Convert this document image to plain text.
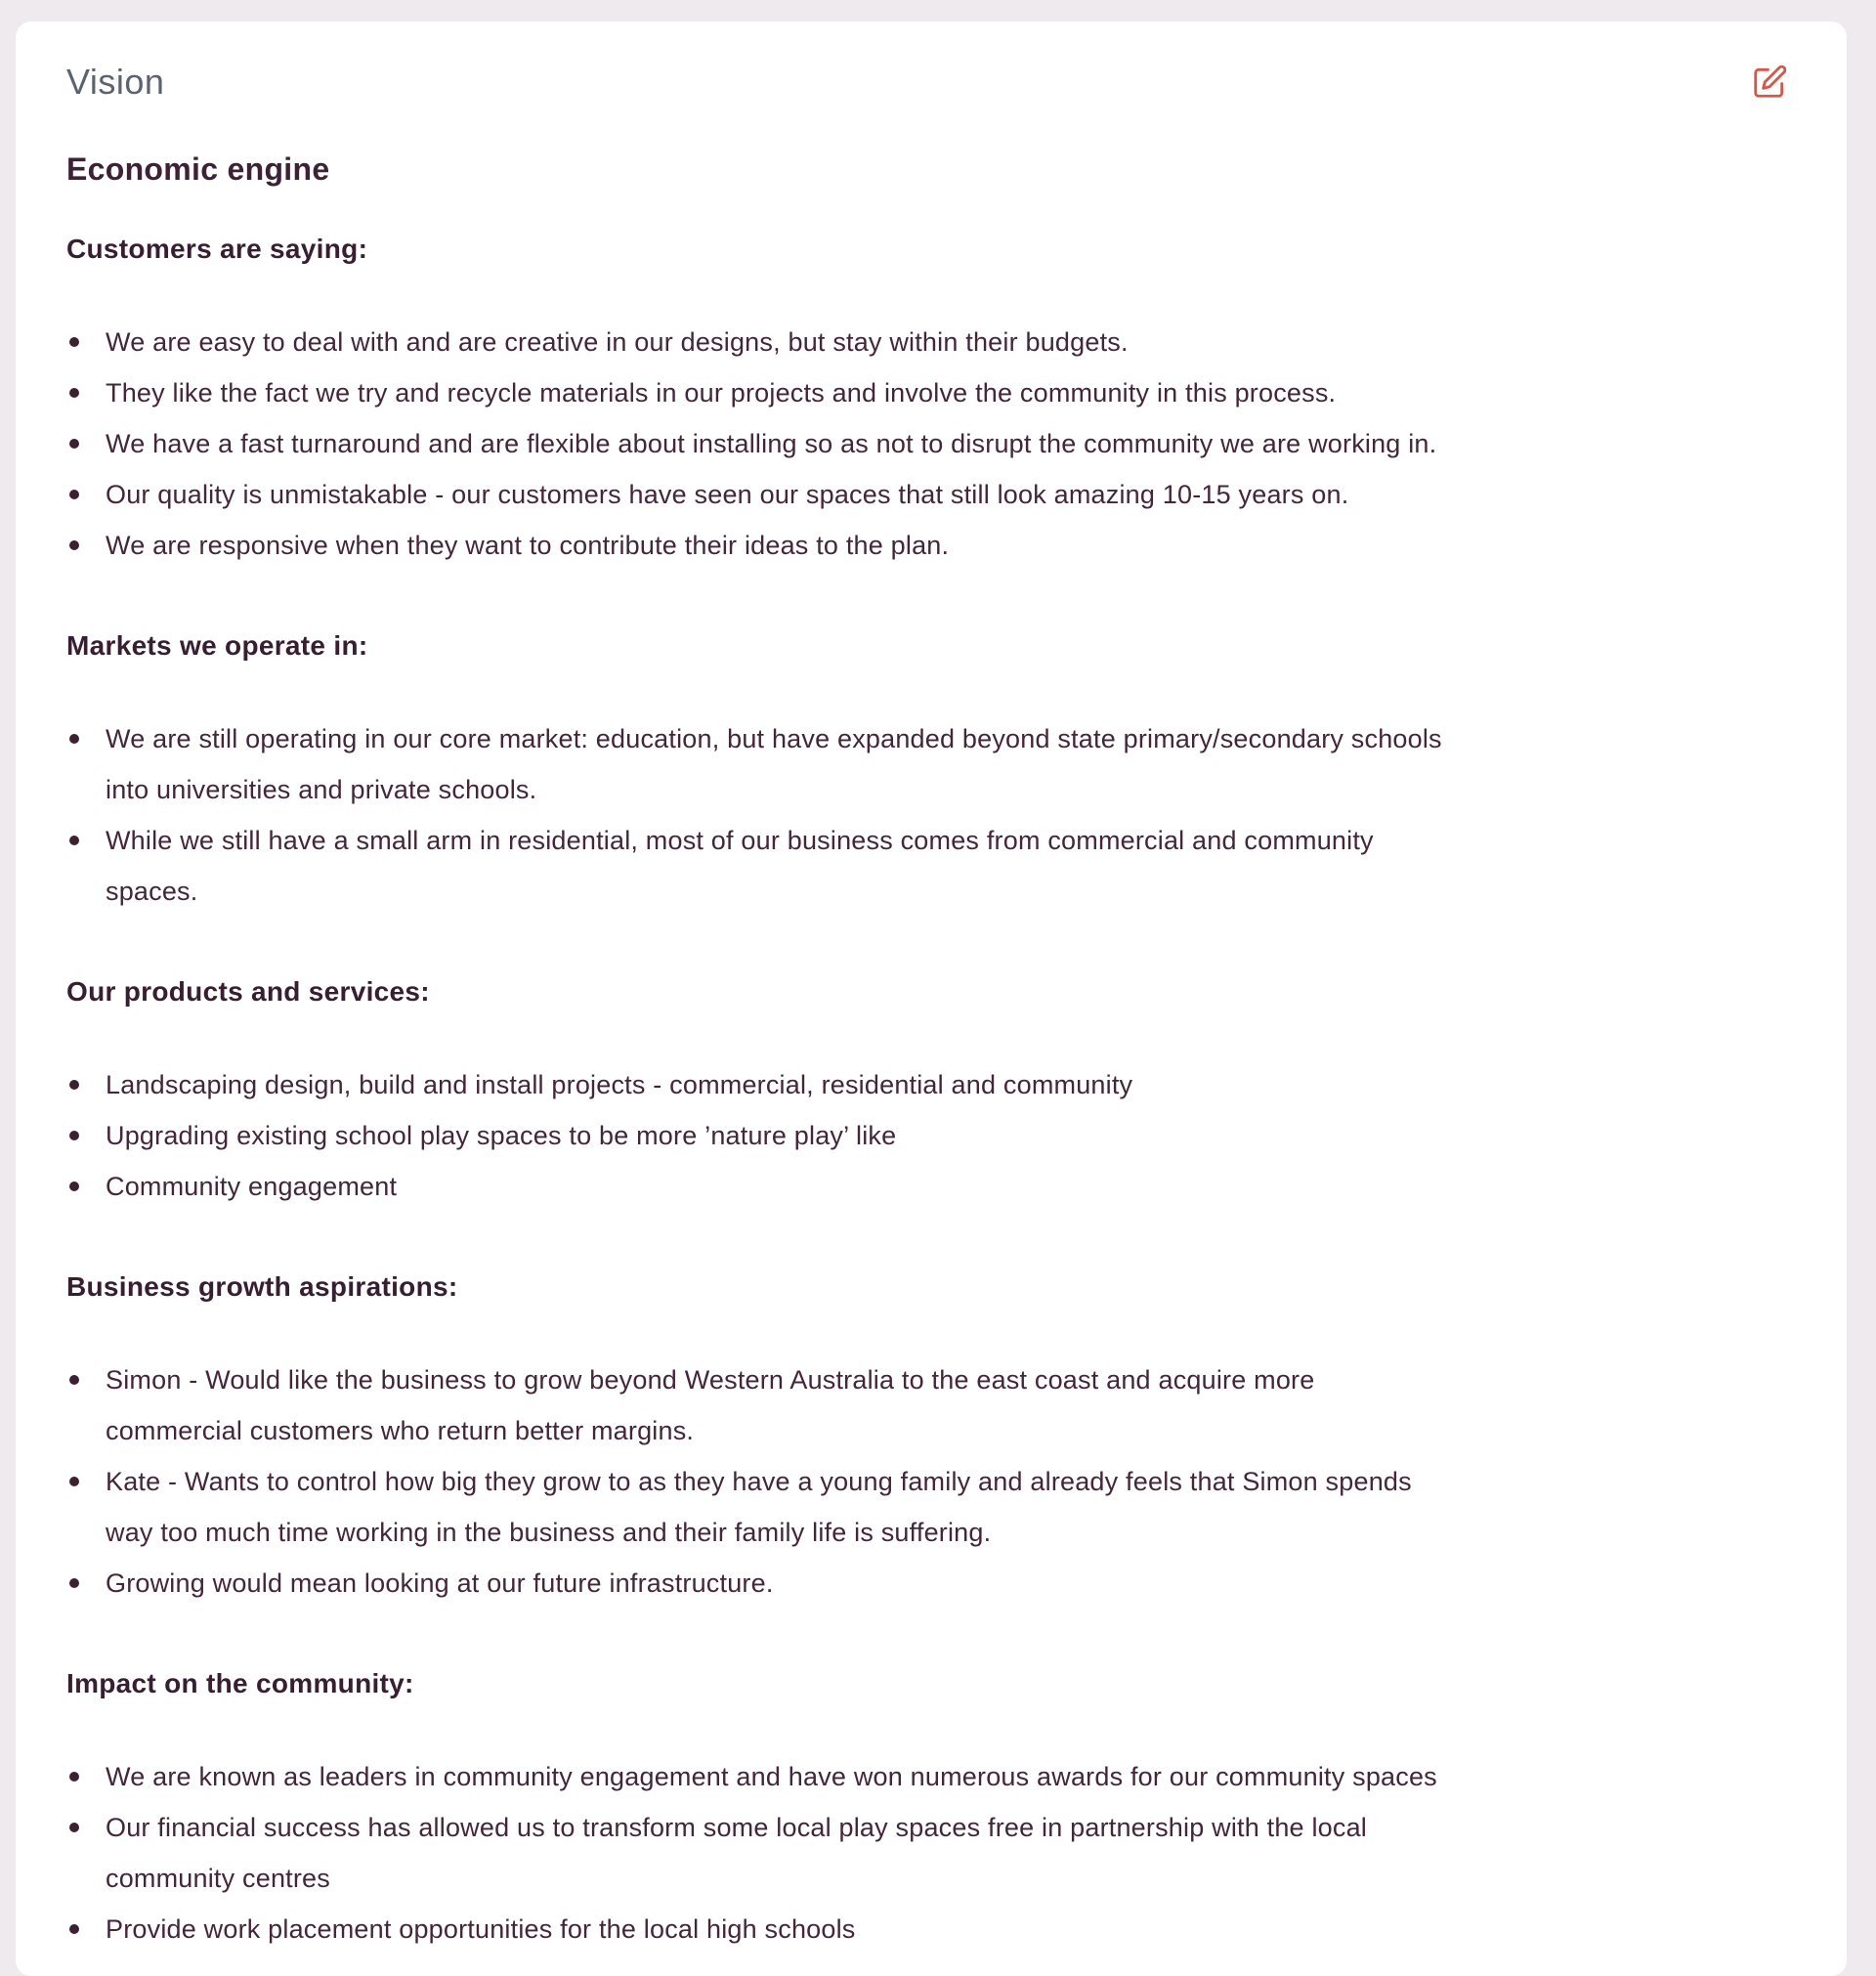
Vision
Economic engine

Customers are saying:

We are easy to deal with and are creative in our designs, but stay within their budgets.
They like the fact we try and recycle materials in our projects and involve the community in this process.
We have a fast turnaround and are flexible about installing so as not to disrupt the community we are working in.
Our quality is unmistakable - our customers have seen our spaces that still look amazing 10-15 years on.
We are responsive when they want to contribute their ideas to the plan.

Markets we operate in:

We are still operating in our core market: education, but have expanded beyond state primary/secondary schools into universities and private schools.
While we still have a small arm in residential, most of our business comes from commercial and community spaces.

Our products and services:

Landscaping design, build and install projects - commercial, residential and community
Upgrading existing school play spaces to be more ’nature play’ like
Community engagement

Business growth aspirations:

Simon - Would like the business to grow beyond Western Australia to the east coast and acquire more commercial customers who return better margins.
Kate - Wants to control how big they grow to as they have a young family and already feels that Simon spends way too much time working in the business and their family life is suffering.
Growing would mean looking at our future infrastructure.

Impact on the community:

We are known as leaders in community engagement and have won numerous awards for our community spaces
Our financial success has allowed us to transform some local play spaces free in partnership with the local community centres
Provide work placement opportunities for the local high schools
